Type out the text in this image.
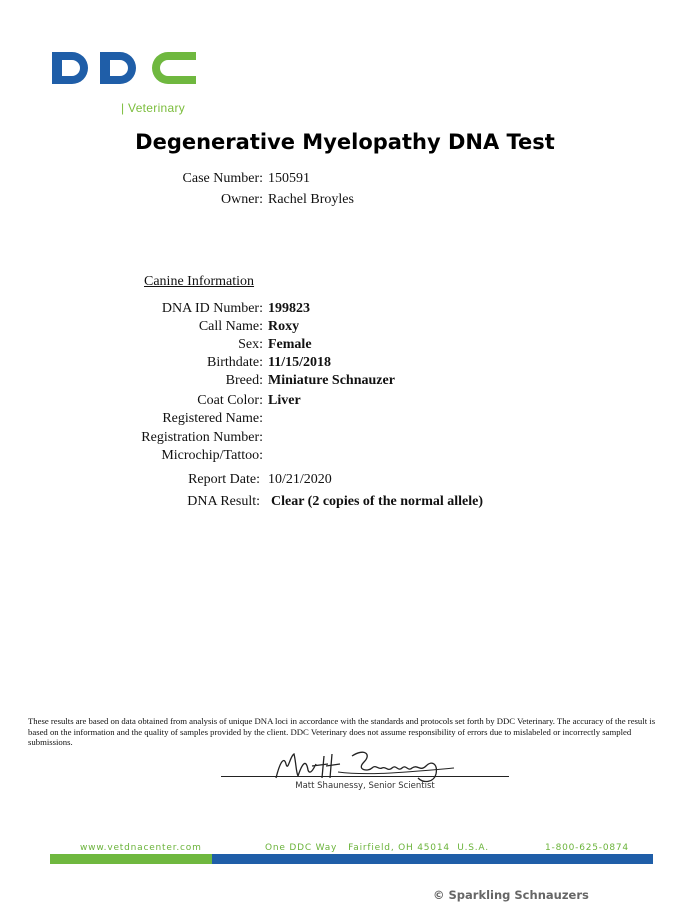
| Veterinary
Degenerative Myelopathy DNA Test
Case Number: 150591
Owner: Rachel Broyles
Canine Information
DNA ID Number: 199823
Call Name: Roxy
Sex: Female
Birthdate: 11/15/2018
Breed: Miniature Schnauzer
Coat Color: Liver
Registered Name:
Registration Number:
Microchip/Tattoo:
Report Date: 10/21/2020
DNA Result: Clear (2 copies of the normal allele)
These results are based on data obtained from analysis of unique DNA loci in accordance with the standards and protocols set forth by DDC Veterinary. The accuracy of the result is based on the information and the quality of samples provided by the client. DDC Veterinary does not assume responsibility of errors due to mislabeled or incorrectly sampled submissions.
Matt Shaunessy, Senior Scientist
www.vetdnacenter.com	One DDC Way   Fairfield, OH 45014  U.S.A.	1-800-625-0874
© Sparkling Schnauzers
